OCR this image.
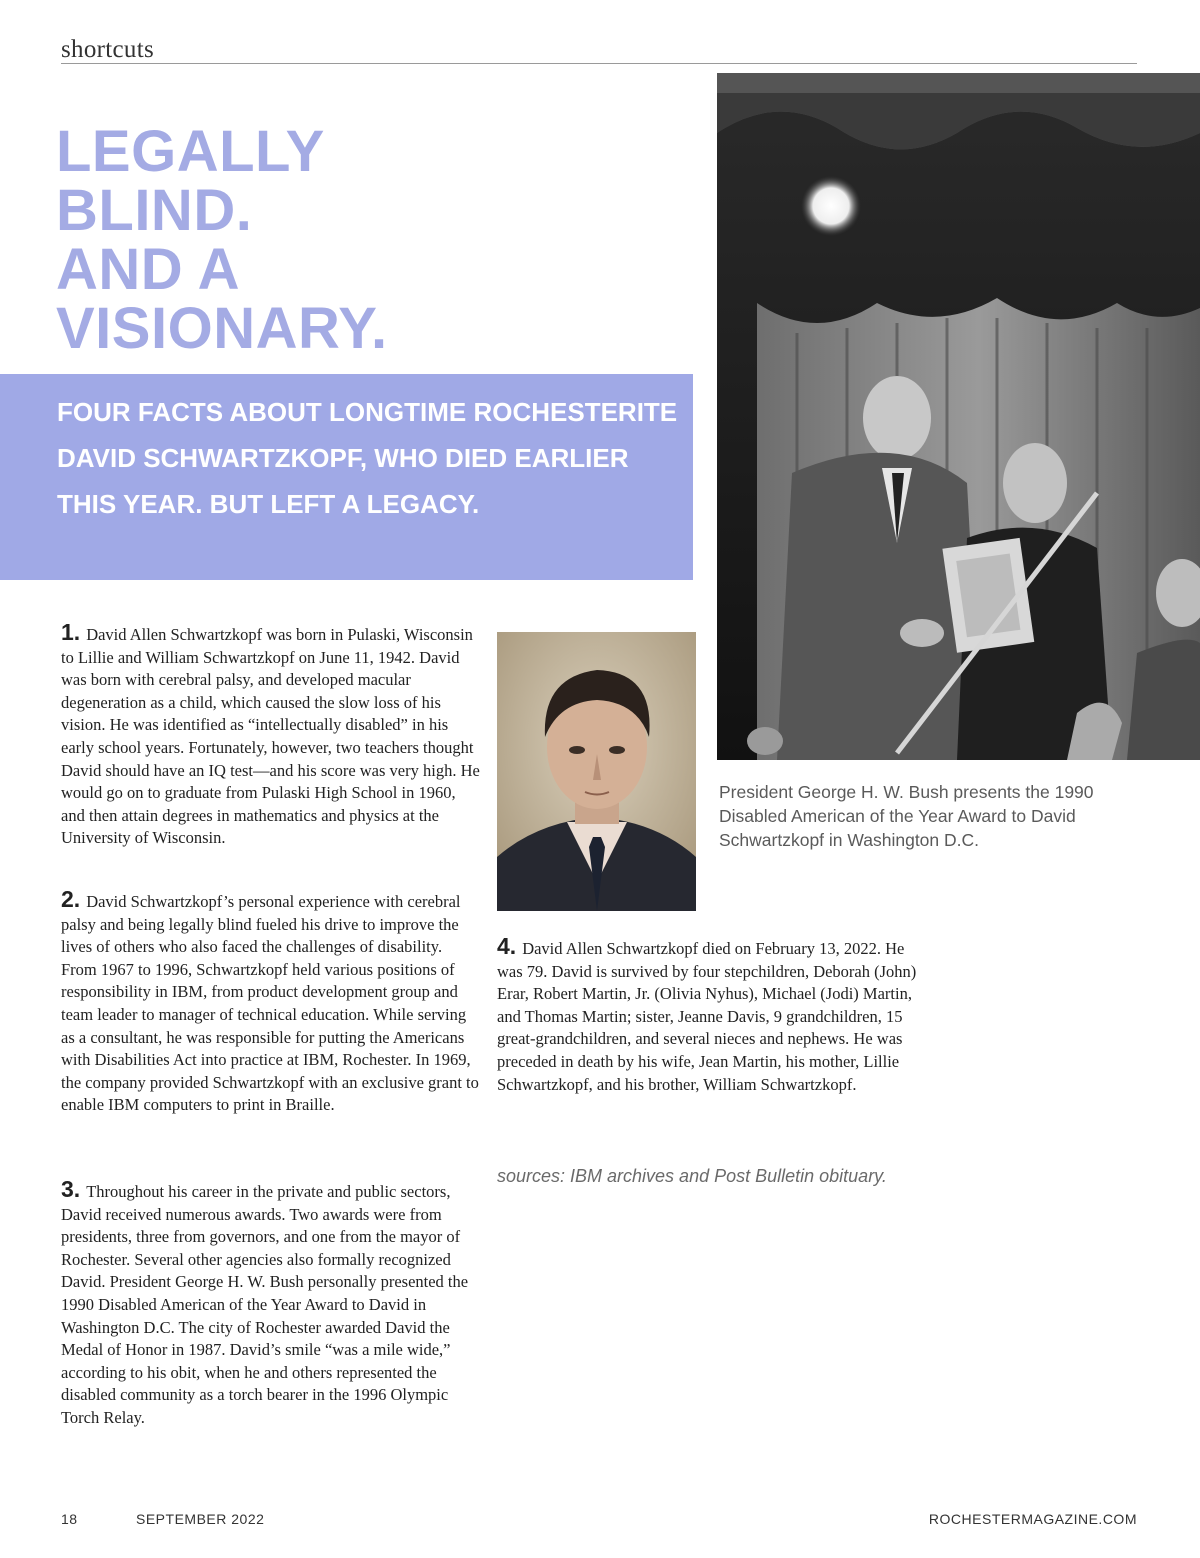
shortcuts
LEGALLY
BLIND.
AND A
VISIONARY.

FOUR FACTS ABOUT LONGTIME ROCHESTERITE DAVID SCHWARTZKOPF, WHO DIED EARLIER THIS YEAR. BUT LEFT A LEGACY.

President George H. W. Bush presents the 1990 Disabled American of the Year Award to David Schwartzkopf in Washington D.C.

1. David Allen Schwartzkopf was born in Pulaski, Wisconsin to Lillie and William Schwartzkopf on June 11, 1942. David was born with cerebral palsy, and developed macular degeneration as a child, which caused the slow loss of his vision. He was identified as “intellectually disabled” in his early school years. Fortunately, however, two teachers thought David should have an IQ test—and his score was very high. He would go on to graduate from Pulaski High School in 1960, and then attain degrees in mathematics and physics at the University of Wisconsin.

2. David Schwartzkopf’s personal experience with cerebral palsy and being legally blind fueled his drive to improve the lives of others who also faced the challenges of disability. From 1967 to 1996, Schwartzkopf held various positions of responsibility in IBM, from product development group and team leader to manager of technical education. While serving as a consultant, he was responsible for putting the Americans with Disabilities Act into practice at IBM, Rochester. In 1969, the company provided Schwartzkopf with an exclusive grant to enable IBM computers to print in Braille.

3. Throughout his career in the private and public sectors, David received numerous awards. Two awards were from presidents, three from governors, and one from the mayor of Rochester. Several other agencies also formally recognized David. President George H. W. Bush personally presented the 1990 Disabled American of the Year Award to David in Washington D.C. The city of Rochester awarded David the Medal of Honor in 1987. David’s smile “was a mile wide,” according to his obit, when he and others represented the disabled community as a torch bearer in the 1996 Olympic Torch Relay.

4. David Allen Schwartzkopf died on February 13, 2022. He was 79. David is survived by four stepchildren, Deborah (John) Erar, Robert Martin, Jr. (Olivia Nyhus), Michael (Jodi) Martin, and Thomas Martin; sister, Jeanne Davis, 9 grandchildren, 15 great-grandchildren, and several nieces and nephews. He was preceded in death by his wife, Jean Martin, his mother, Lillie Schwartzkopf, and his brother, William Schwartzkopf.

sources: IBM archives and Post Bulletin obituary.

18	SEPTEMBER 2022	ROCHESTERMAGAZINE.COM
